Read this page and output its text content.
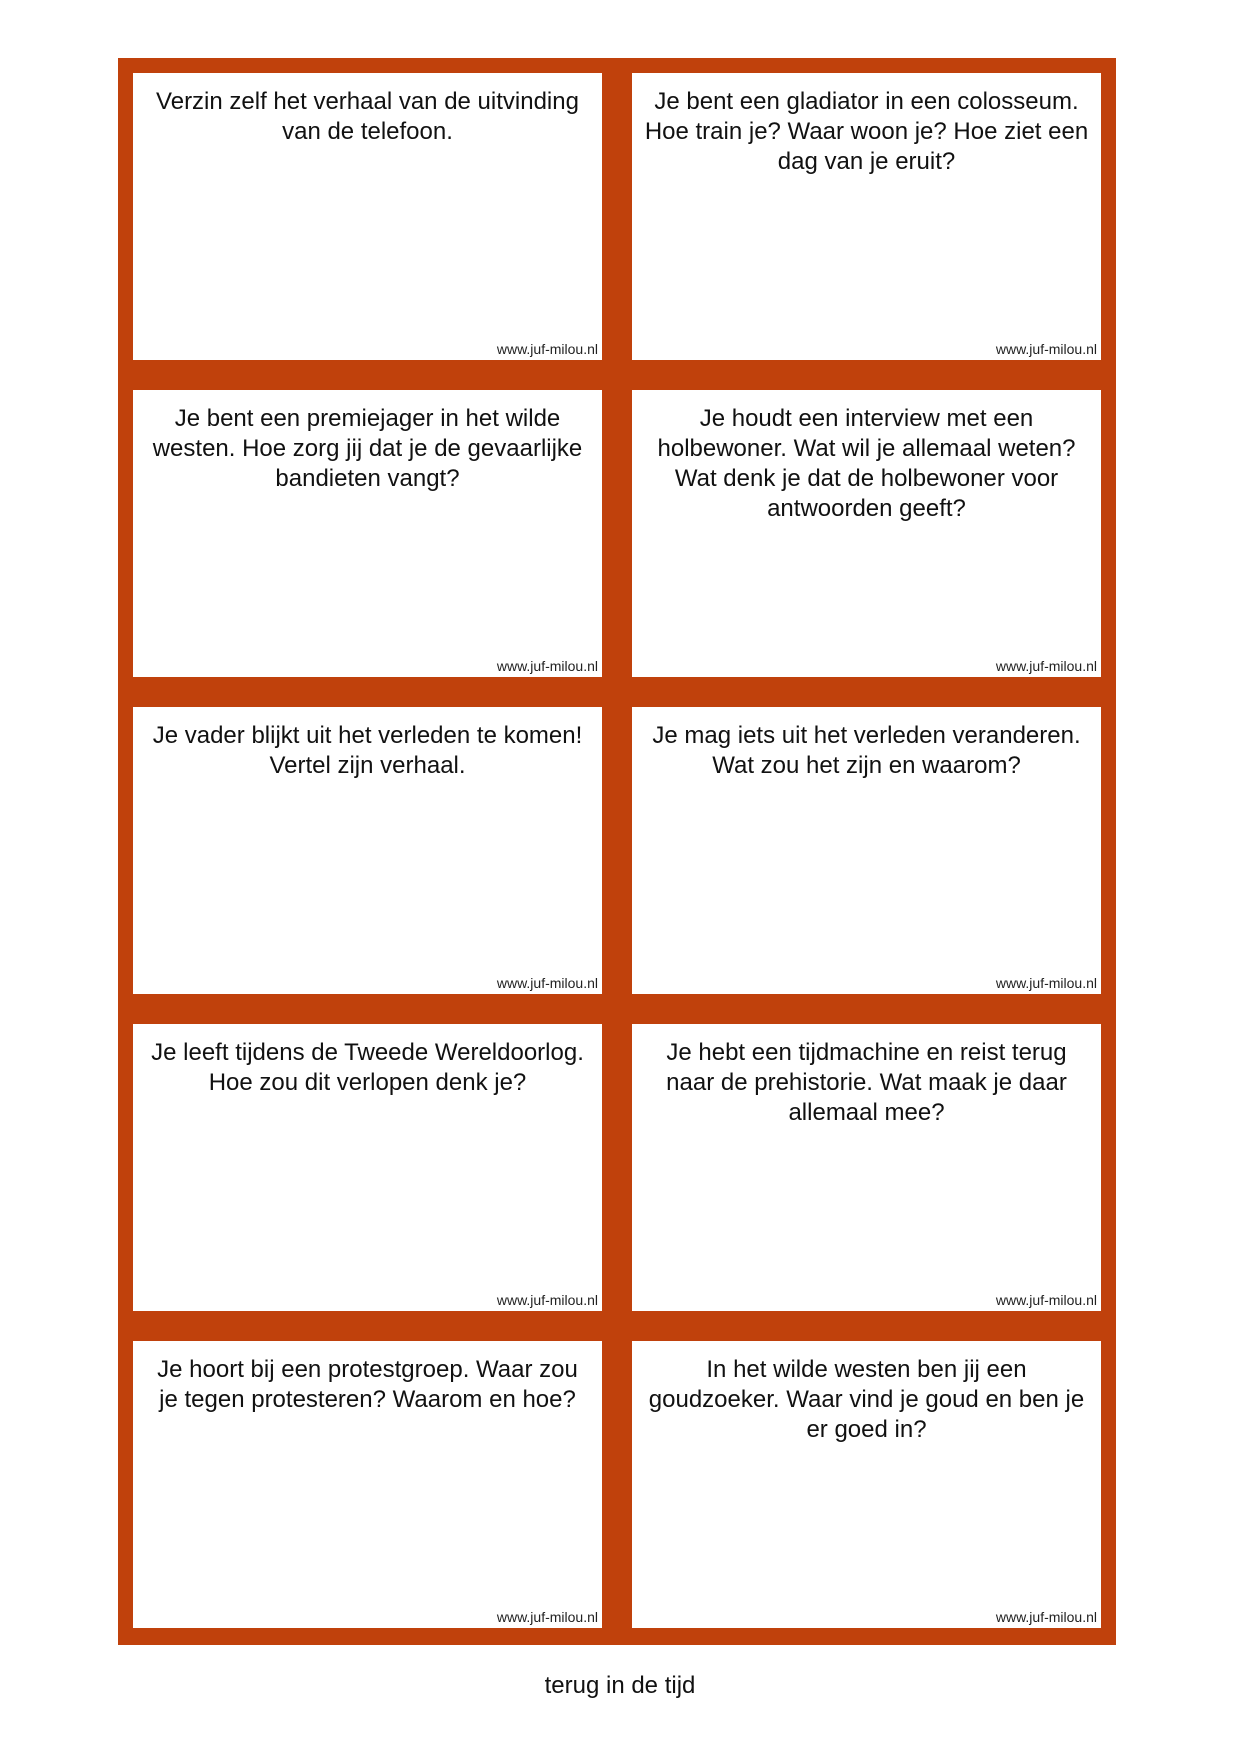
Verzin zelf het verhaal van de uitvinding van de telefoon.
www.juf-milou.nl
Je bent een gladiator in een colosseum. Hoe train je? Waar woon je? Hoe ziet een dag van je eruit?
www.juf-milou.nl
Je bent een premiejager in het wilde westen. Hoe zorg jij dat je de gevaarlijke bandieten vangt?
www.juf-milou.nl
Je houdt een interview met een holbewoner. Wat wil je allemaal weten? Wat denk je dat de holbewoner voor antwoorden geeft?
www.juf-milou.nl
Je vader blijkt uit het verleden te komen! Vertel zijn verhaal.
www.juf-milou.nl
Je mag iets uit het verleden veranderen. Wat zou het zijn en waarom?
www.juf-milou.nl
Je leeft tijdens de Tweede Wereldoorlog. Hoe zou dit verlopen denk je?
www.juf-milou.nl
Je hebt een tijdmachine en reist terug naar de prehistorie. Wat maak je daar allemaal mee?
www.juf-milou.nl
Je hoort bij een protestgroep. Waar zou je tegen protesteren? Waarom en hoe?
www.juf-milou.nl
In het wilde westen ben jij een goudzoeker. Waar vind je goud en ben je er goed in?
www.juf-milou.nl
terug in de tijd
